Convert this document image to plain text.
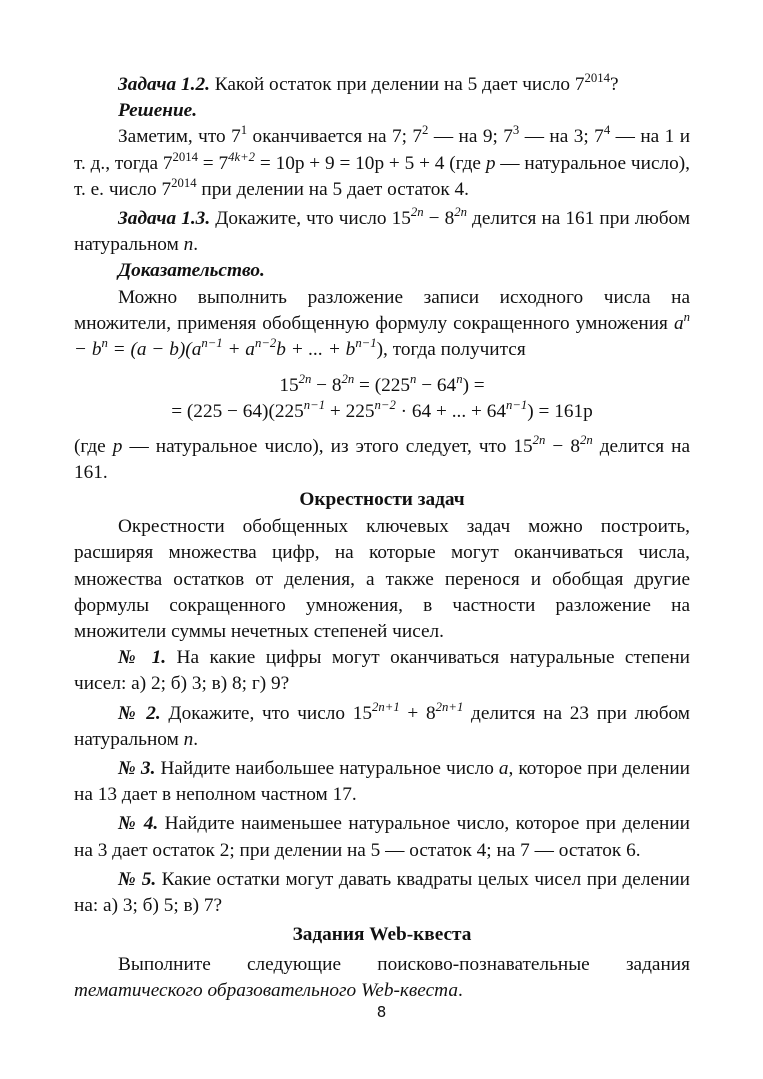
Задача 1.2. Какой остаток при делении на 5 дает число $7^{2014}$?

Решение.

Заметим, что $7^1$ оканчивается на 7; $7^2$ — на 9; $7^3$ — на 3; $7^4$ — на 1 и т. д., тогда $7^{2014} = 7^{4k+2} = 10p + 9 = 10p + 5 + 4$ (где p — натуральное число), т. е. число $7^{2014}$ при делении на 5 дает остаток 4.

Задача 1.3. Докажите, что число $15^{2n} - 8^{2n}$ делится на 161 при любом натуральном n.

Доказательство.

Можно выполнить разложение записи исходного числа на множители, применяя обобщенную формулу сокращенного умножения $a^n - b^n = (a - b)(a^{n-1} + a^{n-2}b$ + ... + $b^{n-1}$), тогда получится

$15^{2n} - 8^{2n} = (225^n - 64^n)$ =

= $(225 - 64)(225^{n-1} + 225^{n-2} \cdot 64$ + ... + $64^{n-1}) = 161p$

(где p — натуральное число), из этого следует, что $15^{2n} - 8^{2n}$ делится на 161.

Окрестности задач

Окрестности обобщенных ключевых задач можно построить, расширяя множества цифр, на которые могут оканчиваться числа, множества остатков от деления, а также перенося и обобщая другие формулы сокращенного умножения, в частности разложение на множители суммы нечетных степеней чисел.

№ 1. На какие цифры могут оканчиваться натуральные степени чисел: а) 2; б) 3; в) 8; г) 9?

№ 2. Докажите, что число $15^{2n+1} + 8^{2n+1}$ делится на 23 при любом натуральном n.

№ 3. Найдите наибольшее натуральное число a, которое при делении на 13 дает в неполном частном 17.

№ 4. Найдите наименьшее натуральное число, которое при делении на 3 дает остаток 2; при делении на 5 — остаток 4; на 7 — остаток 6.

№ 5. Какие остатки могут давать квадраты целых чисел при делении на: а) 3; б) 5; в) 7?

Задания Web-квеста

Выполните следующие поисково-познавательные задания тематического образовательного Web-квеста.

8
